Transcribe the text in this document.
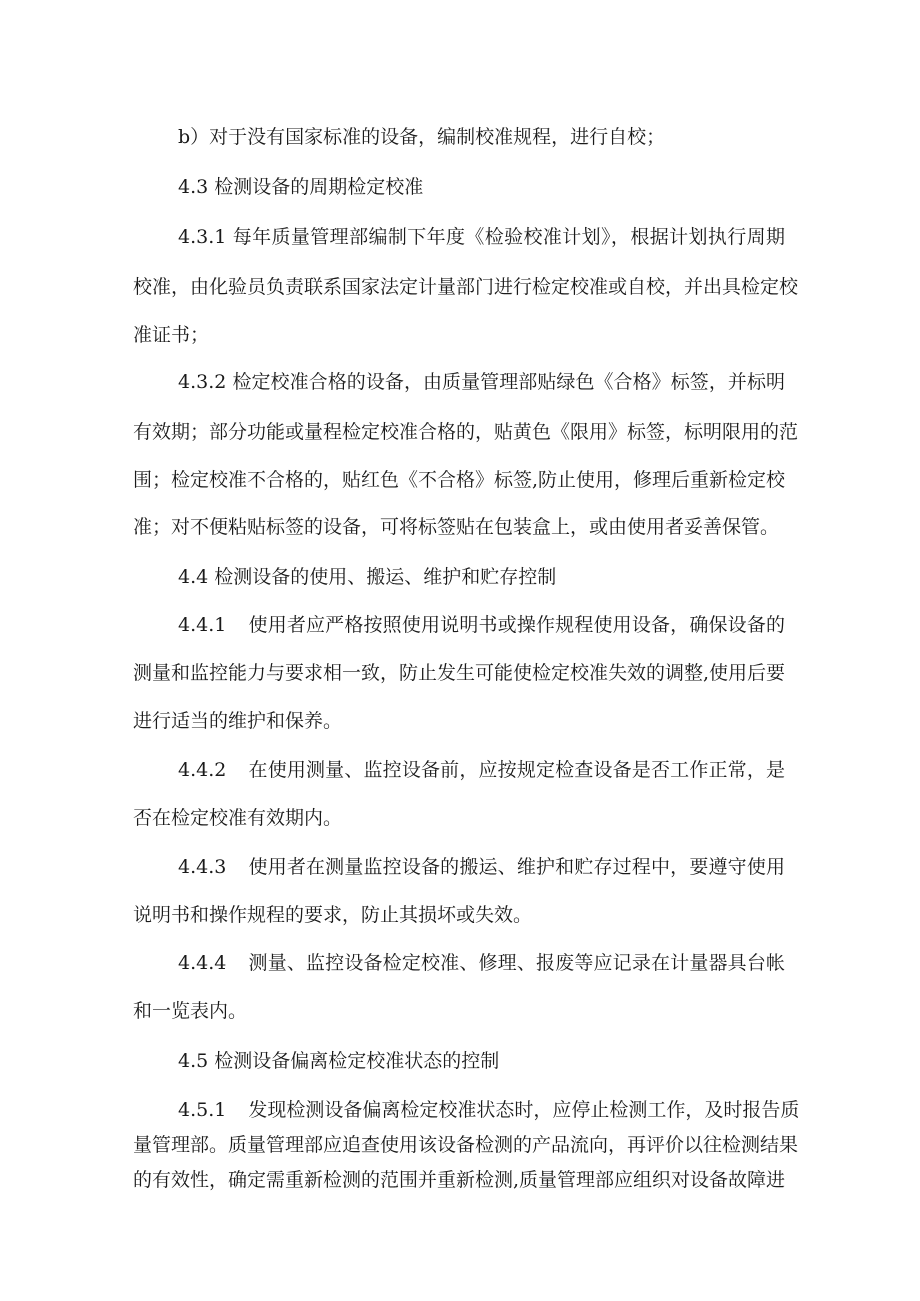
b）对于没有国家标准的设备，编制校准规程，进行自校；
4.3 检测设备的周期检定校准
4.3.1 每年质量管理部编制下年度《检验校准计划》，根据计划执行周期
校准，由化验员负责联系国家法定计量部门进行检定校准或自校，并出具检定校
准证书；
4.3.2 检定校准合格的设备，由质量管理部贴绿色《合格》标签，并标明
有效期；部分功能或量程检定校准合格的，贴黄色《限用》标签，标明限用的范
围；检定校准不合格的，贴红色《不合格》标签,防止使用，修理后重新检定校
准；对不便粘贴标签的设备，可将标签贴在包装盒上，或由使用者妥善保管。
4.4 检测设备的使用、搬运、维护和贮存控制
4.4.1 使用者应严格按照使用说明书或操作规程使用设备，确保设备的
测量和监控能力与要求相一致，防止发生可能使检定校准失效的调整,使用后要
进行适当的维护和保养。
4.4.2 在使用测量、监控设备前，应按规定检查设备是否工作正常，是
否在检定校准有效期内。
4.4.3 使用者在测量监控设备的搬运、维护和贮存过程中，要遵守使用
说明书和操作规程的要求，防止其损坏或失效。
4.4.4 测量、监控设备检定校准、修理、报废等应记录在计量器具台帐
和一览表内。
4.5 检测设备偏离检定校准状态的控制
4.5.1 发现检测设备偏离检定校准状态时，应停止检测工作，及时报告质
量管理部。质量管理部应追查使用该设备检测的产品流向，再评价以往检测结果
的有效性，确定需重新检测的范围并重新检测,质量管理部应组织对设备故障进
